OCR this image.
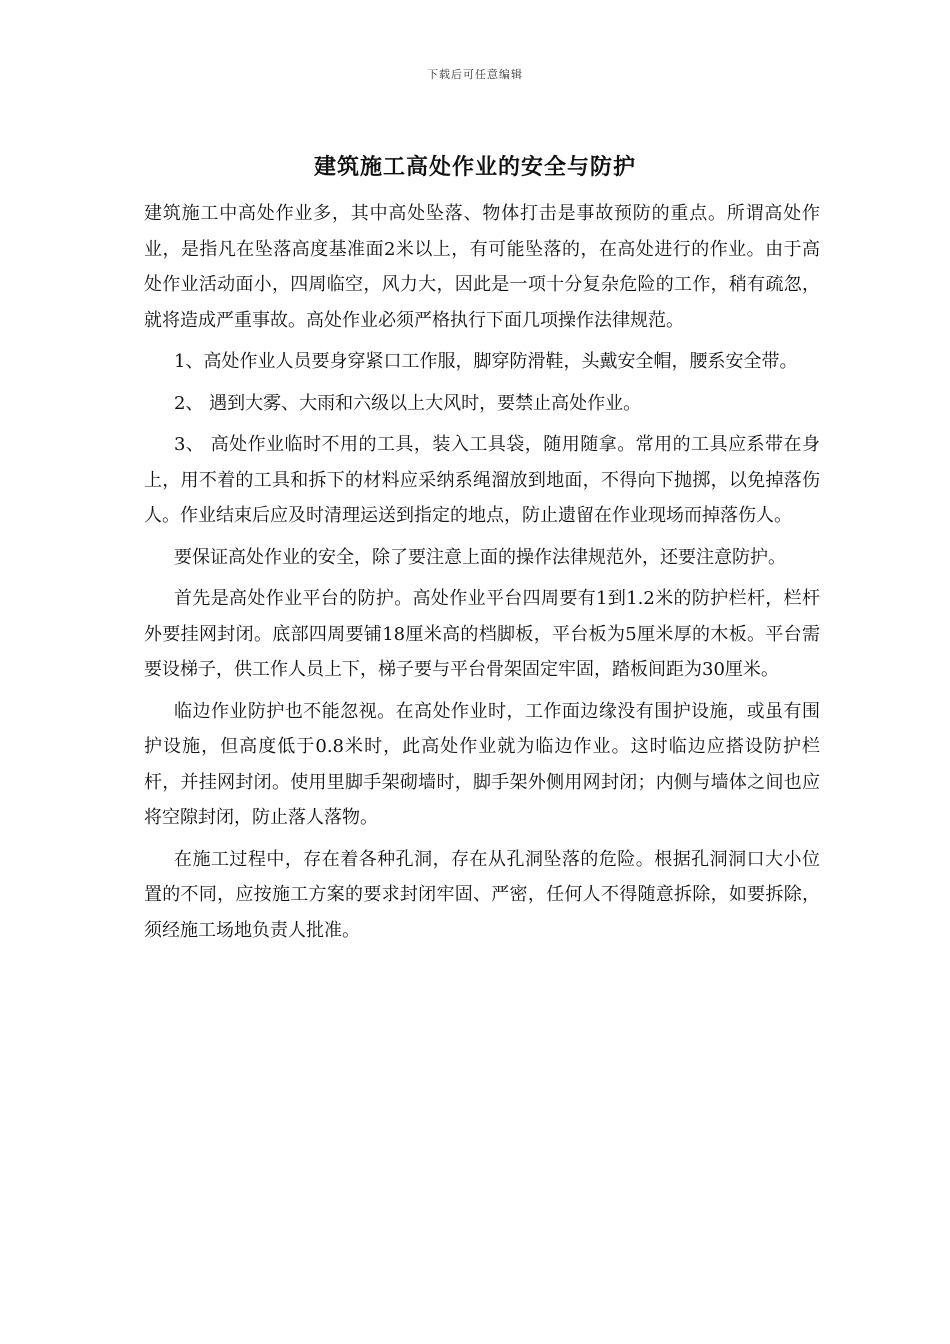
下载后可任意编辑
建筑施工高处作业的安全与防护

建筑施工中高处作业多，其中高处坠落、物体打击是事故预防的重点。所谓高处作业，是指凡在坠落高度基准面2米以上，有可能坠落的，在高处进行的作业。由于高处作业活动面小，四周临空，风力大，因此是一项十分复杂危险的工作，稍有疏忽，就将造成严重事故。高处作业必须严格执行下面几项操作法律规范。

1、高处作业人员要身穿紧口工作服，脚穿防滑鞋，头戴安全帽，腰系安全带。

2、 遇到大雾、大雨和六级以上大风时，要禁止高处作业。

3、 高处作业临时不用的工具，装入工具袋，随用随拿。常用的工具应系带在身上，用不着的工具和拆下的材料应采纳系绳溜放到地面，不得向下抛掷，以免掉落伤人。作业结束后应及时清理运送到指定的地点，防止遗留在作业现场而掉落伤人。

要保证高处作业的安全，除了要注意上面的操作法律规范外，还要注意防护。

首先是高处作业平台的防护。高处作业平台四周要有1到1.2米的防护栏杆，栏杆外要挂网封闭。底部四周要铺18厘米高的档脚板，平台板为5厘米厚的木板。平台需要设梯子，供工作人员上下，梯子要与平台骨架固定牢固，踏板间距为30厘米。

临边作业防护也不能忽视。在高处作业时，工作面边缘没有围护设施，或虽有围护设施，但高度低于0.8米时，此高处作业就为临边作业。这时临边应搭设防护栏杆，并挂网封闭。使用里脚手架砌墙时，脚手架外侧用网封闭；内侧与墙体之间也应将空隙封闭，防止落人落物。

在施工过程中，存在着各种孔洞，存在从孔洞坠落的危险。根据孔洞洞口大小位置的不同，应按施工方案的要求封闭牢固、严密，任何人不得随意拆除，如要拆除，须经施工场地负责人批准。
